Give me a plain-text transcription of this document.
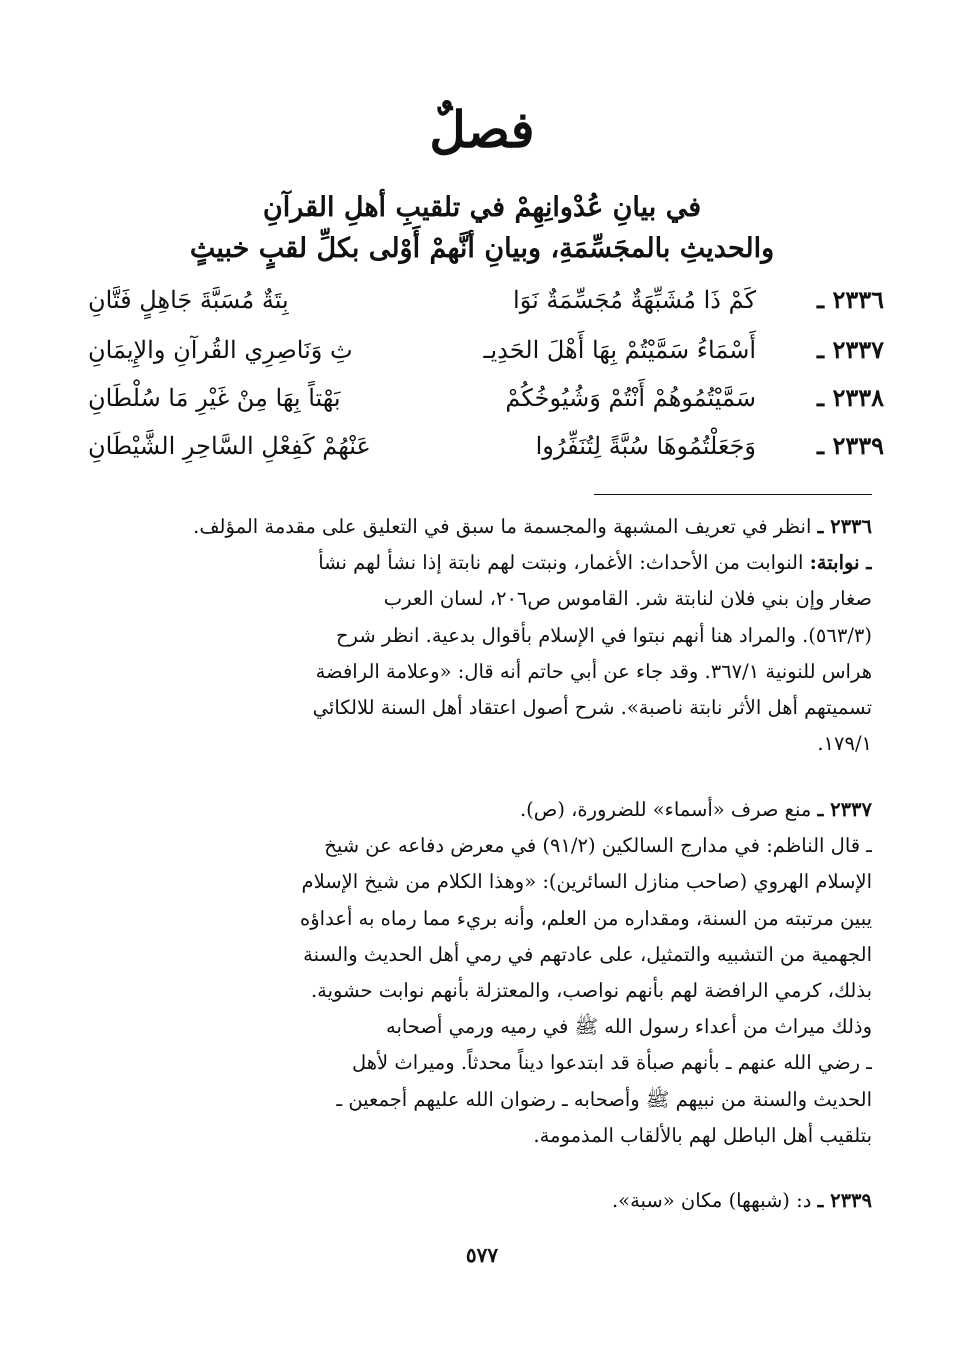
فصلٌ
في بيانِ عُدْوانِهِمْ في تلقيبِ أهلِ القرآنِ
والحديثِ بالمجَسِّمَةِ، وبيانِ أنَّهمْ أَوْلى بكلِّ لقبٍ خبيثٍ
٢٣٣٦ ـ
كَمْ ذَا مُشَبِّهَةٌ مُجَسِّمَةٌ نَوَا
بِتَةٌ مُسَبَّةَ جَاهِلٍ فَتَّانِ
٢٣٣٧ ـ
أَسْمَاءُ سَمَّيْتُمْ بِهَا أَهْلَ الحَدِيـ
ثِ وَنَاصِرِي القُرآنِ والإِيمَانِ
٢٣٣٨ ـ
سَمَّيْتُمُوهُمْ أَنْتُمْ وَشُيُوخُكُمْ
بَهْتاً بِهَا مِنْ غَيْرِ مَا سُلْطَانِ
٢٣٣٩ ـ
وَجَعَلْتُمُوهَا سُبَّةً لِتُنَفِّرُوا
عَنْهُمْ كَفِعْلِ السَّاحِرِ الشَّيْطَانِ
٢٣٣٦ ـ انظر في تعريف المشبهة والمجسمة ما سبق في التعليق على مقدمة المؤلف.
ـ نوابتة: النوابت من الأحداث: الأغمار، ونبتت لهم نابتة إذا نشأ لهم نشأ
صغار وإن بني فلان لنابتة شر. القاموس ص٢٠٦، لسان العرب
(٥٦٣/٣). والمراد هنا أنهم نبتوا في الإسلام بأقوال بدعية. انظر شرح
هراس للنونية ٣٦٧/١. وقد جاء عن أبي حاتم أنه قال: «وعلامة الرافضة
تسميتهم أهل الأثر نابتة ناصبة». شرح أصول اعتقاد أهل السنة للالكائي
١٧٩/١.
٢٣٣٧ ـ منع صرف «أسماء» للضرورة، (ص).
ـ قال الناظم: في مدارج السالكين (٩١/٢) في معرض دفاعه عن شيخ
الإسلام الهروي (صاحب منازل السائرين): «وهذا الكلام من شيخ الإسلام
يبين مرتبته من السنة، ومقداره من العلم، وأنه بريء مما رماه به أعداؤه
الجهمية من التشبيه والتمثيل، على عادتهم في رمي أهل الحديث والسنة
بذلك، كرمي الرافضة لهم بأنهم نواصب، والمعتزلة بأنهم نوابت حشوية.
وذلك ميراث من أعداء رسول الله ﷺ في رميه ورمي أصحابه
ـ رضي الله عنهم ـ بأنهم صبأة قد ابتدعوا ديناً محدثاً. وميراث لأهل
الحديث والسنة من نبيهم ﷺ وأصحابه ـ رضوان الله عليهم أجمعين ـ
بتلقيب أهل الباطل لهم بالألقاب المذمومة.
٢٣٣٩ ـ د: (شبهها) مكان «سبة».
٥٧٧
